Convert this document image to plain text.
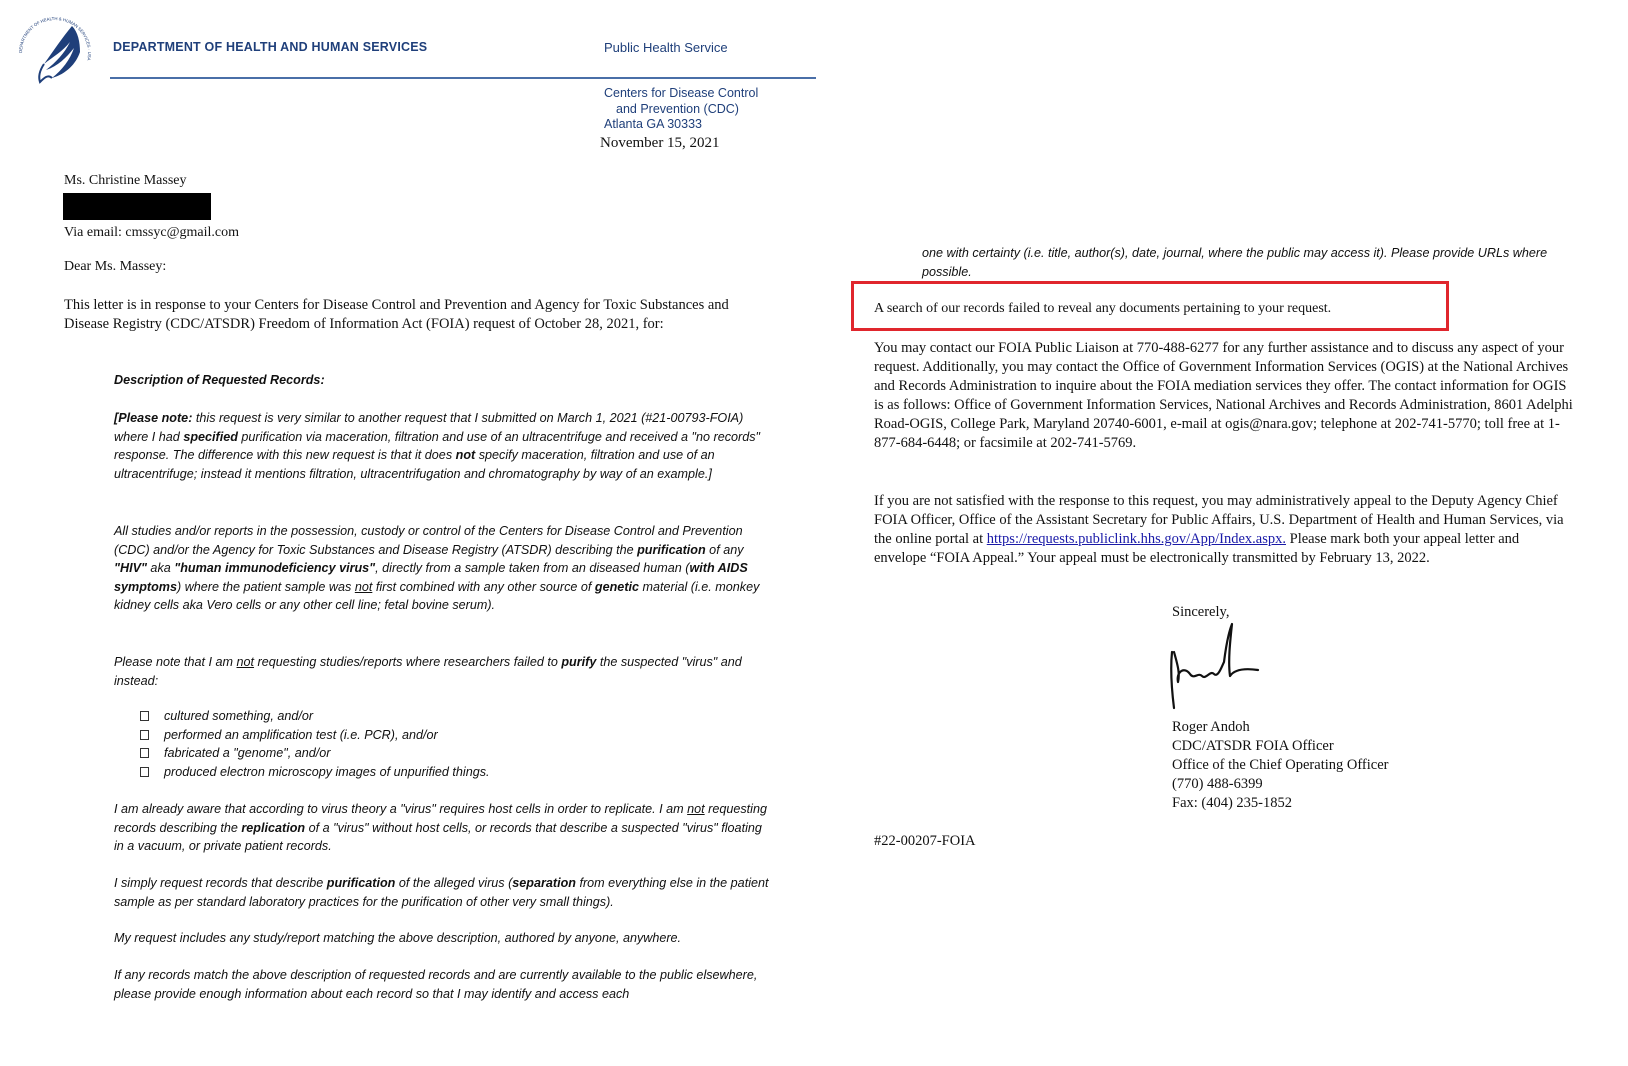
DEPARTMENT OF HEALTH & HUMAN SERVICES · USA
DEPARTMENT OF HEALTH AND HUMAN SERVICES	Public Health Service
Centers for Disease Control
and Prevention (CDC)
Atlanta GA 30333
November 15, 2021
Ms. Christine Massey
Via email: cmssyc@gmail.com
Dear Ms. Massey:
This letter is in response to your Centers for Disease Control and Prevention and Agency for Toxic Substances and Disease Registry (CDC/ATSDR) Freedom of Information Act (FOIA) request of October 28, 2021, for:
Description of Requested Records:
[Please note: this request is very similar to another request that I submitted on March 1, 2021 (#21-00793-FOIA) where I had specified purification via maceration, filtration and use of an ultracentrifuge and received a "no records" response. The difference with this new request is that it does not specify maceration, filtration and use of an ultracentrifuge; instead it mentions filtration, ultracentrifugation and chromatography by way of an example.]
All studies and/or reports in the possession, custody or control of the Centers for Disease Control and Prevention (CDC) and/or the Agency for Toxic Substances and Disease Registry (ATSDR) describing the purification of any "HIV" aka "human immunodeficiency virus", directly from a sample taken from an diseased human (with AIDS symptoms) where the patient sample was not first combined with any other source of genetic material (i.e. monkey kidney cells aka Vero cells or any other cell line; fetal bovine serum).
Please note that I am not requesting studies/reports where researchers failed to purify the suspected "virus" and instead:
cultured something, and/or
performed an amplification test (i.e. PCR), and/or
fabricated a "genome", and/or
produced electron microscopy images of unpurified things.
I am already aware that according to virus theory a "virus" requires host cells in order to replicate. I am not requesting records describing the replication of a "virus" without host cells, or records that describe a suspected "virus" floating in a vacuum, or private patient records.
I simply request records that describe purification of the alleged virus (separation from everything else in the patient sample as per standard laboratory practices for the purification of other very small things).
My request includes any study/report matching the above description, authored by anyone, anywhere.
If any records match the above description of requested records and are currently available to the public elsewhere, please provide enough information about each record so that I may identify and access each
one with certainty (i.e. title, author(s), date, journal, where the public may access it). Please provide URLs where possible.
A search of our records failed to reveal any documents pertaining to your request.
You may contact our FOIA Public Liaison at 770-488-6277 for any further assistance and to discuss any aspect of your request. Additionally, you may contact the Office of Government Information Services (OGIS) at the National Archives and Records Administration to inquire about the FOIA mediation services they offer. The contact information for OGIS is as follows: Office of Government Information Services, National Archives and Records Administration, 8601 Adelphi Road-OGIS, College Park, Maryland 20740-6001, e-mail at ogis@nara.gov; telephone at 202-741-5770; toll free at 1-877-684-6448; or facsimile at 202-741-5769.
If you are not satisfied with the response to this request, you may administratively appeal to the Deputy Agency Chief FOIA Officer, Office of the Assistant Secretary for Public Affairs, U.S. Department of Health and Human Services, via the online portal at https://requests.publiclink.hhs.gov/App/Index.aspx. Please mark both your appeal letter and envelope “FOIA Appeal.” Your appeal must be electronically transmitted by February 13, 2022.
Sincerely,
Roger Andoh
CDC/ATSDR FOIA Officer
Office of the Chief Operating Officer
(770) 488-6399
Fax: (404) 235-1852
#22-00207-FOIA
